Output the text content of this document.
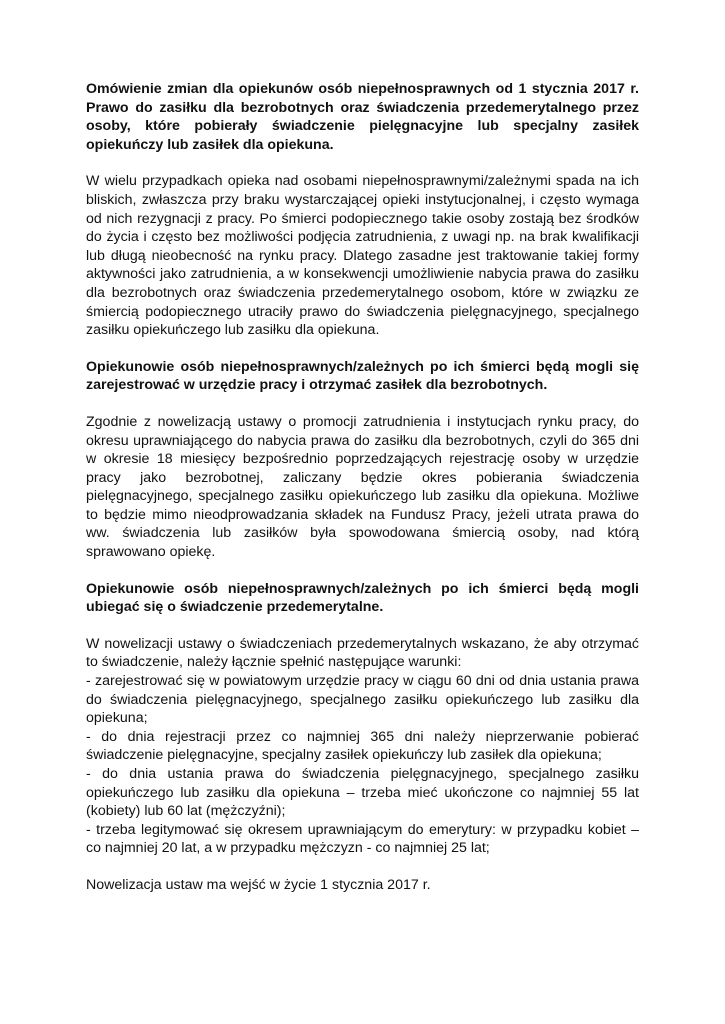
Omówienie zmian dla opiekunów osób niepełnosprawnych od 1 stycznia 2017 r. Prawo do zasiłku dla bezrobotnych oraz świadczenia przedemerytalnego przez osoby, które pobierały świadczenie pielęgnacyjne lub specjalny zasiłek opiekuńczy lub zasiłek dla opiekuna.

W wielu przypadkach opieka nad osobami niepełnosprawnymi/zależnymi spada na ich bliskich, zwłaszcza przy braku wystarczającej opieki instytucjonalnej, i często wymaga od nich rezygnacji z pracy. Po śmierci podopiecznego takie osoby zostają bez środków do życia i często bez możliwości podjęcia zatrudnienia, z uwagi np. na brak kwalifikacji lub długą nieobecność na rynku pracy. Dlatego zasadne jest traktowanie takiej formy aktywności jako zatrudnienia, a w konsekwencji umożliwienie nabycia prawa do zasiłku dla bezrobotnych oraz świadczenia przedemerytalnego osobom, które w związku ze śmiercią podopiecznego utraciły prawo do świadczenia pielęgnacyjnego, specjalnego zasiłku opiekuńczego lub zasiłku dla opiekuna.

Opiekunowie osób niepełnosprawnych/zależnych po ich śmierci będą mogli się zarejestrować w urzędzie pracy i otrzymać zasiłek dla bezrobotnych.

Zgodnie z nowelizacją ustawy o promocji zatrudnienia i instytucjach rynku pracy, do okresu uprawniającego do nabycia prawa do zasiłku dla bezrobotnych, czyli do 365 dni w okresie 18 miesięcy bezpośrednio poprzedzających rejestrację osoby w urzędzie pracy jako bezrobotnej, zaliczany będzie okres pobierania świadczenia pielęgnacyjnego, specjalnego zasiłku opiekuńczego lub zasiłku dla opiekuna. Możliwe to będzie mimo nieodprowadzania składek na Fundusz Pracy, jeżeli utrata prawa do ww. świadczenia lub zasiłków była spowodowana śmiercią osoby, nad którą sprawowano opiekę.

Opiekunowie osób niepełnosprawnych/zależnych po ich śmierci będą mogli ubiegać się o świadczenie przedemerytalne.

W nowelizacji ustawy o świadczeniach przedemerytalnych wskazano, że aby otrzymać to świadczenie, należy łącznie spełnić następujące warunki:

- zarejestrować się w powiatowym urzędzie pracy w ciągu 60 dni od dnia ustania prawa do świadczenia pielęgnacyjnego, specjalnego zasiłku opiekuńczego lub zasiłku dla opiekuna;
- do dnia rejestracji przez co najmniej 365 dni należy nieprzerwanie pobierać świadczenie pielęgnacyjne, specjalny zasiłek opiekuńczy lub zasiłek dla opiekuna;
- do dnia ustania prawa do świadczenia pielęgnacyjnego, specjalnego zasiłku opiekuńczego lub zasiłku dla opiekuna – trzeba mieć ukończone co najmniej 55 lat (kobiety) lub 60 lat (mężczyźni);
- trzeba legitymować się okresem uprawniającym do emerytury: w przypadku kobiet – co najmniej 20 lat, a w przypadku mężczyzn - co najmniej 25 lat;

Nowelizacja ustaw ma wejść w życie 1 stycznia 2017 r.
